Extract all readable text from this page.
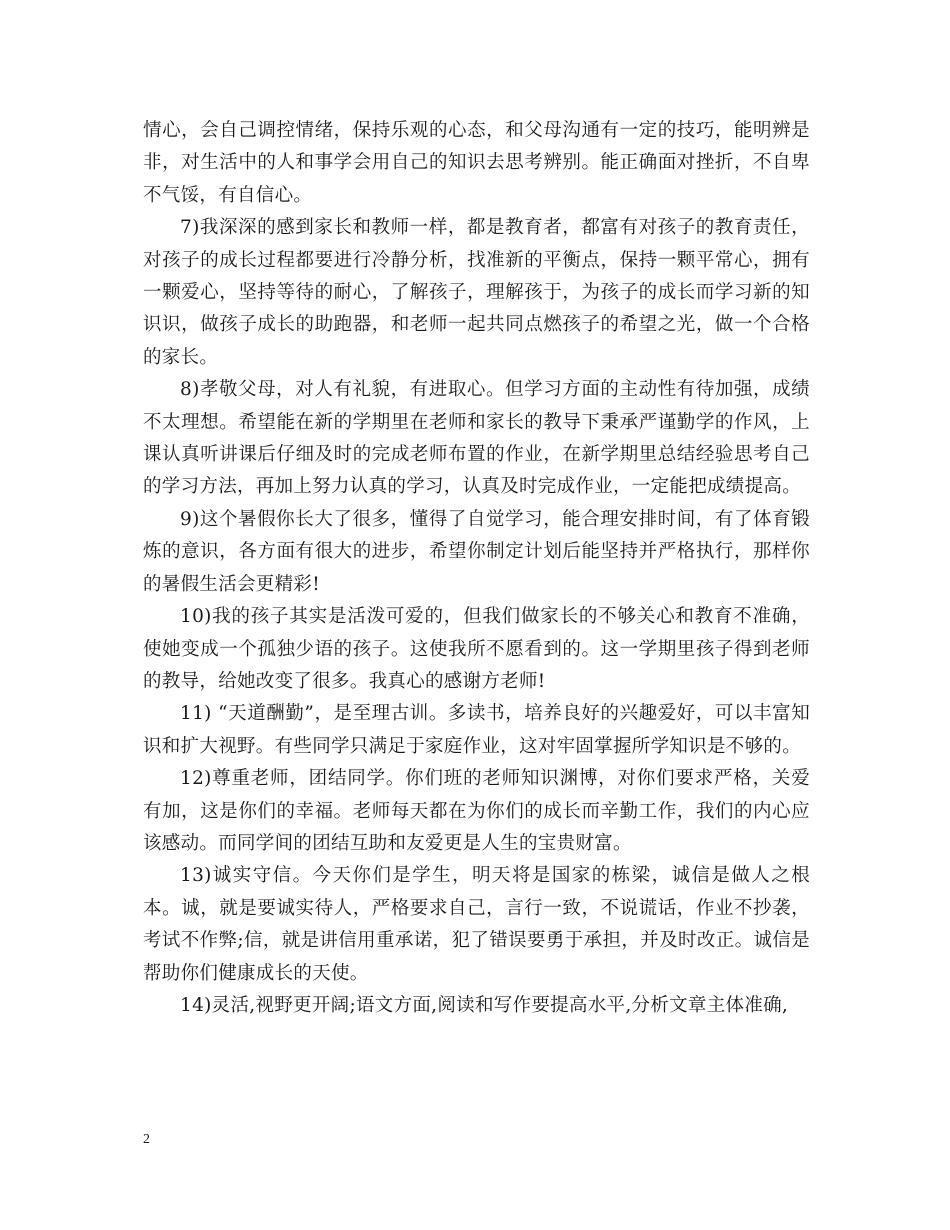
情心，会自己调控情绪，保持乐观的心态，和父母沟通有一定的技巧，能明辨是非，对生活中的人和事学会用自己的知识去思考辨别。能正确面对挫折，不自卑不气馁，有自信心。

7)我深深的感到家长和教师一样，都是教育者，都富有对孩子的教育责任，对孩子的成长过程都要进行冷静分析，找准新的平衡点，保持一颗平常心，拥有一颗爱心，坚持等待的耐心，了解孩子，理解孩于，为孩子的成长而学习新的知识识，做孩子成长的助跑器，和老师一起共同点燃孩子的希望之光，做一个合格的家长。

8)孝敬父母，对人有礼貌，有进取心。但学习方面的主动性有待加强，成绩不太理想。希望能在新的学期里在老师和家长的教导下秉承严谨勤学的作风，上课认真听讲课后仔细及时的完成老师布置的作业，在新学期里总结经验思考自己的学习方法，再加上努力认真的学习，认真及时完成作业，一定能把成绩提高。

9)这个暑假你长大了很多，懂得了自觉学习，能合理安排时间，有了体育锻炼的意识，各方面有很大的进步，希望你制定计划后能坚持并严格执行，那样你的暑假生活会更精彩!

10)我的孩子其实是活泼可爱的，但我们做家长的不够关心和教育不准确，使她变成一个孤独少语的孩子。这使我所不愿看到的。这一学期里孩子得到老师的教导，给她改变了很多。我真心的感谢方老师!

11) “天道酬勤”，是至理古训。多读书，培养良好的兴趣爱好，可以丰富知识和扩大视野。有些同学只满足于家庭作业，这对牢固掌握所学知识是不够的。

12)尊重老师，团结同学。你们班的老师知识渊博，对你们要求严格，关爱有加，这是你们的幸福。老师每天都在为你们的成长而辛勤工作，我们的内心应该感动。而同学间的团结互助和友爱更是人生的宝贵财富。

13)诚实守信。今天你们是学生，明天将是国家的栋梁，诚信是做人之根本。诚，就是要诚实待人，严格要求自己，言行一致，不说谎话，作业不抄袭，考试不作弊;信，就是讲信用重承诺，犯了错误要勇于承担，并及时改正。诚信是帮助你们健康成长的天使。

14)灵活,视野更开阔;语文方面,阅读和写作要提高水平,分析文章主体准确,

2
